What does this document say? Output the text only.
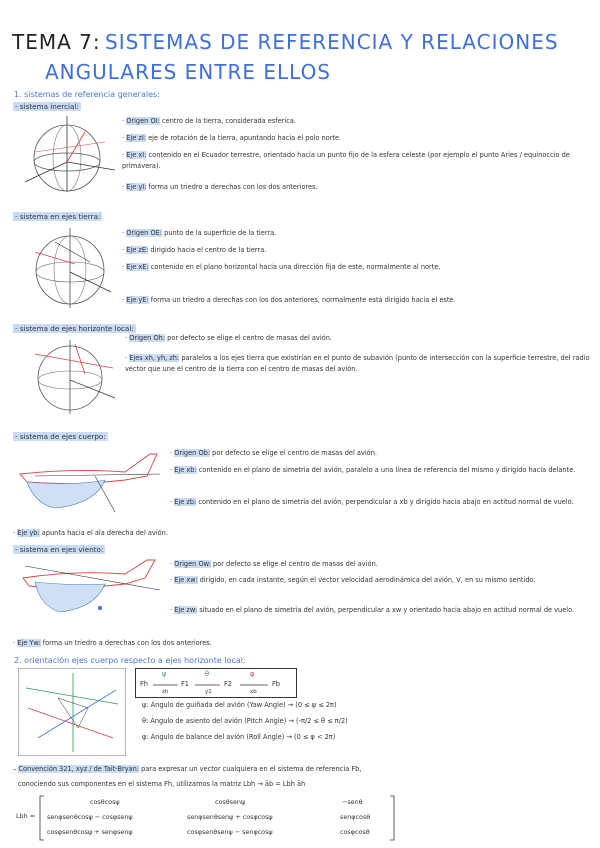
TEMA 7: SISTEMAS DE REFERENCIA Y RELACIONES
ANGULARES ENTRE ELLOS
1. sistemas de referencia generales:
- sistema inercial:
· Origen OI: centro de la tierra, considerada esferica.
· Eje zI: eje de rotación de la tierra, apuntando hacia el polo norte.
· Eje xI: contenido en el Ecuador terrestre, orientado hacia un punto fijo de la esfera celeste (por ejemplo el punto Aries / equinoccio de primavera).
· Eje yI: forma un triedro a derechas con los dos anteriores.
- sistema en ejes tierra:
· Origen OE: punto de la superficie de la tierra.
· Eje zE: dirigido hacia el centro de la tierra.
· Eje xE: contenido en el plano horizontal hacia una dirección fija de este, normalmente al norte.
· Eje yE: forma un triedro a derechas con los dos anteriores, normalmente está dirigido hacia el este.
- sistema de ejes horizonte local:
· Origen Oh: por defecto se elige el centro de masas del avión.
· Ejes xh, yh, zh: paralelos a los ejes tierra que existirían en el punto de subavión (punto de intersección con la superficie terrestre, del radio vector que une el centro de la tierra con el centro de masas del avión.
- sistema de ejes cuerpo:
· Origen Ob: por defecto se elige el centro de masas del avión.
· Eje xb: contenido en el plano de simetría del avión, paralelo a una línea de referencia del mismo y dirigido hacia delante.
· Eje zb: contenido en el plano de simetría del avión, perpendicular a xb y dirigido hacia abajo en actitud normal de vuelo.
· Eje yb: apunta hacia el ala derecha del avión.
- sistema en ejes viento:
· Origen Ow: por defecto se elige el centro de masas del avión.
· Eje xw: dirigido, en cada instante, según el vector velocidad aerodinámica del avión, V, en su mismo sentido.
· Eje zw: situado en el plano de simetría del avión, perpendicular a xw y orientado hacia abajo en actitud normal de vuelo.
· Eje Yw: forma un triedro a derechas con los dos anteriores.
2. orientación ejes cuerpo respecto a ejes horizonte local:
Fh	F1	F2	Fb
ψ	θ	φ
zh	y1	xb
ψ: Ángulo de guiñada del avión (Yaw Angle) → (0 ≤ ψ ≤ 2π)
θ: Ángulo de asiento del avión (Pitch Angle) → (-π/2 ≤ θ ≤ π/2)
φ: Ángulo de balance del avión (Roll Angle) → (0 ≤ φ < 2π)
– Convención 321, xyz / de Tait-Bryan: para expresar un vector cualquiera en el sistema de referencia Fb,
conociendo sus componentes en el sistema Fh, utilizamos la matriz Lbh → āb = Lbh āh
Lbh =
cosθcosψ	cosθsenψ	−senθ
senφsenθcosψ − cosφsenψ	senφsenθsenψ + cosφcosψ	senφcosθ
cosφsenθcosψ + senφsenψ	cosφsenθsenψ − senφcosψ	cosφcosθ
